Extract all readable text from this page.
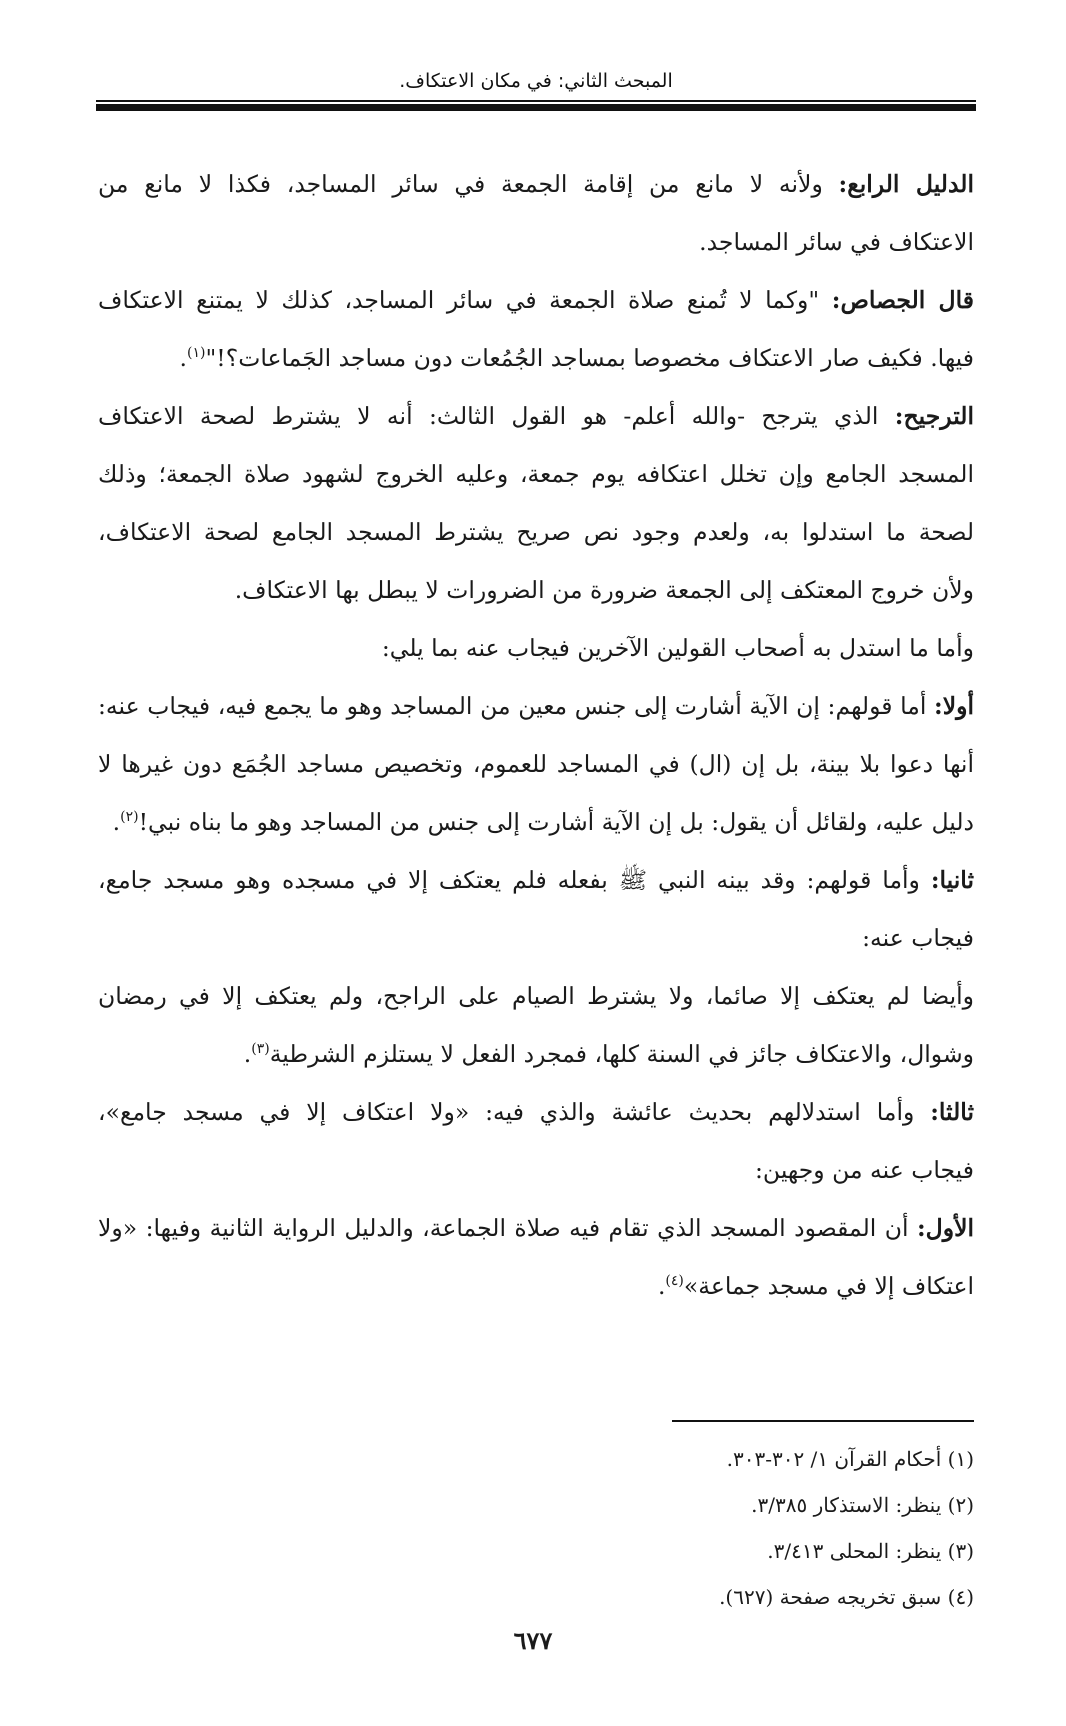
المبحث الثاني: في مكان الاعتكاف.
الدليل الرابع: ولأنه لا مانع من إقامة الجمعة في سائر المساجد، فكذا لا مانع من
الاعتكاف في سائر المساجد.
قال الجصاص: "وكما لا تُمنع صلاة الجمعة في سائر المساجد، كذلك لا يمتنع الاعتكاف
فيها. فكيف صار الاعتكاف مخصوصا بمساجد الجُمُعات دون مساجد الجَماعات؟!"$^{(١)}$.
الترجيح: الذي يترجح -والله أعلم- هو القول الثالث: أنه لا يشترط لصحة الاعتكاف
المسجد الجامع وإن تخلل اعتكافه يوم جمعة، وعليه الخروج لشهود صلاة الجمعة؛ وذلك
لصحة ما استدلوا به، ولعدم وجود نص صريح يشترط المسجد الجامع لصحة الاعتكاف،
ولأن خروج المعتكف إلى الجمعة ضرورة من الضرورات لا يبطل بها الاعتكاف.
وأما ما استدل به أصحاب القولين الآخرين فيجاب عنه بما يلي:
أولا: أما قولهم: إن الآية أشارت إلى جنس معين من المساجد وهو ما يجمع فيه، فيجاب عنه:
أنها دعوا بلا بينة، بل إن (ال) في المساجد للعموم، وتخصيص مساجد الجُمَع دون غيرها لا
دليل عليه، ولقائل أن يقول: بل إن الآية أشارت إلى جنس من المساجد وهو ما بناه نبي!$^{(٢)}$.
ثانيا: وأما قولهم: وقد بينه النبي ﷺ بفعله فلم يعتكف إلا في مسجده وهو مسجد جامع،
فيجاب عنه:
وأيضا لم يعتكف إلا صائما، ولا يشترط الصيام على الراجح، ولم يعتكف إلا في رمضان
وشوال، والاعتكاف جائز في السنة كلها، فمجرد الفعل لا يستلزم الشرطية$^{(٣)}$.
ثالثا: وأما استدلالهم بحديث عائشة والذي فيه: «ولا اعتكاف إلا في مسجد جامع»،
فيجاب عنه من وجهين:
الأول: أن المقصود المسجد الذي تقام فيه صلاة الجماعة، والدليل الرواية الثانية وفيها: «ولا
اعتكاف إلا في مسجد جماعة»$^{(٤)}$.
(١) أحكام القرآن ١/ ٣٠٢-٣٠٣.
(٢) ينظر: الاستذكار ٣/٣٨٥.
(٣) ينظر: المحلى ٣/٤١٣.
(٤) سبق تخريجه صفحة (٦٢٧).
٦٧٧
